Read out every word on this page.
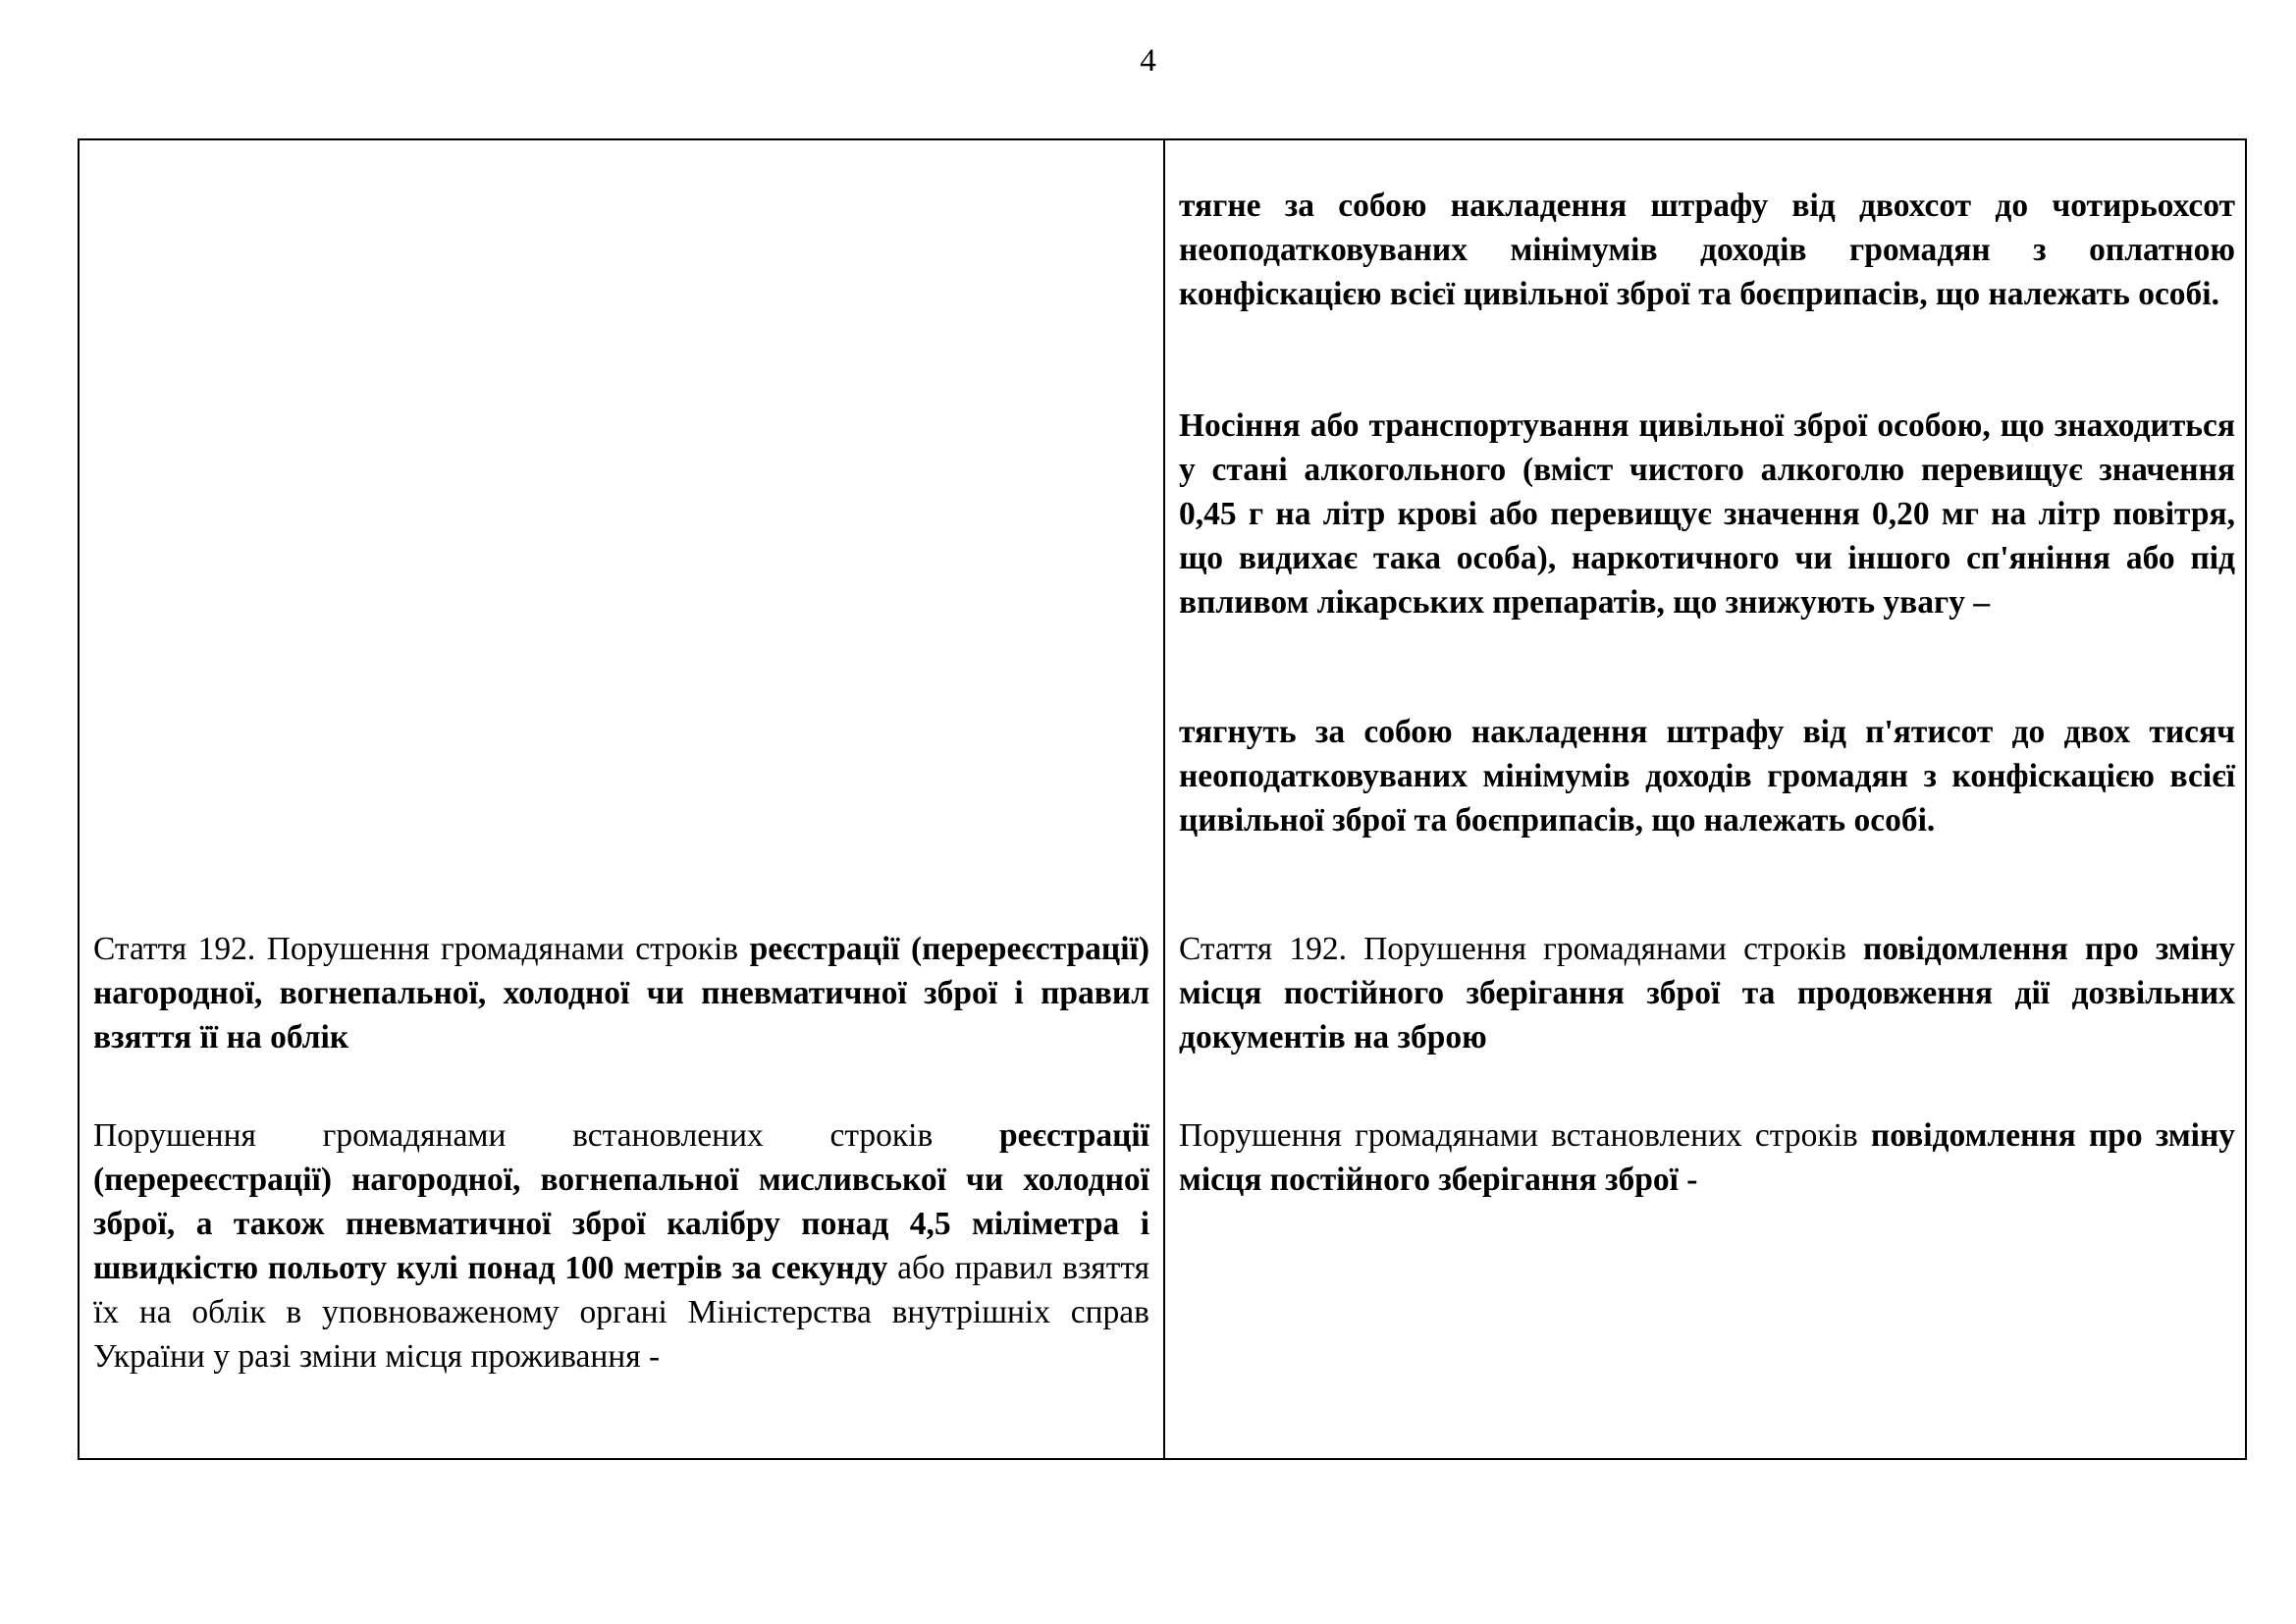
4

Стаття 192. Порушення громадянами строків реєстрації (перереєстрації) нагородної, вогнепальної, холодної чи пневматичної зброї і правил взяття її на облік

Порушення громадянами встановлених строків реєстрації (перереєстрації) нагородної, вогнепальної мисливської чи холодної зброї, а також пневматичної зброї калібру понад 4,5 міліметра і швидкістю польоту кулі понад 100 метрів за секунду або правил взяття їх на облік в уповноваженому органі Міністерства внутрішніх справ України у разі зміни місця проживання -

тягне за собою накладення штрафу від двохсот до чотирьохсот неоподатковуваних мінімумів доходів громадян з оплатною конфіскацією всієї цивільної зброї та боєприпасів, що належать особі.

Носіння або транспортування цивільної зброї особою, що знаходиться у стані алкогольного (вміст чистого алкоголю перевищує значення 0,45 г на літр крові або перевищує значення 0,20 мг на літр повітря, що видихає така особа), наркотичного чи іншого сп'яніння або під впливом лікарських препаратів, що знижують увагу –

тягнуть за собою накладення штрафу від п'ятисот до двох тисяч неоподатковуваних мінімумів доходів громадян з конфіскацією всієї цивільної зброї та боєприпасів, що належать особі.

Стаття 192. Порушення громадянами строків повідомлення про зміну місця постійного зберігання зброї та продовження дії дозвільних документів на зброю

Порушення громадянами встановлених строків повідомлення про зміну місця постійного зберігання зброї -
